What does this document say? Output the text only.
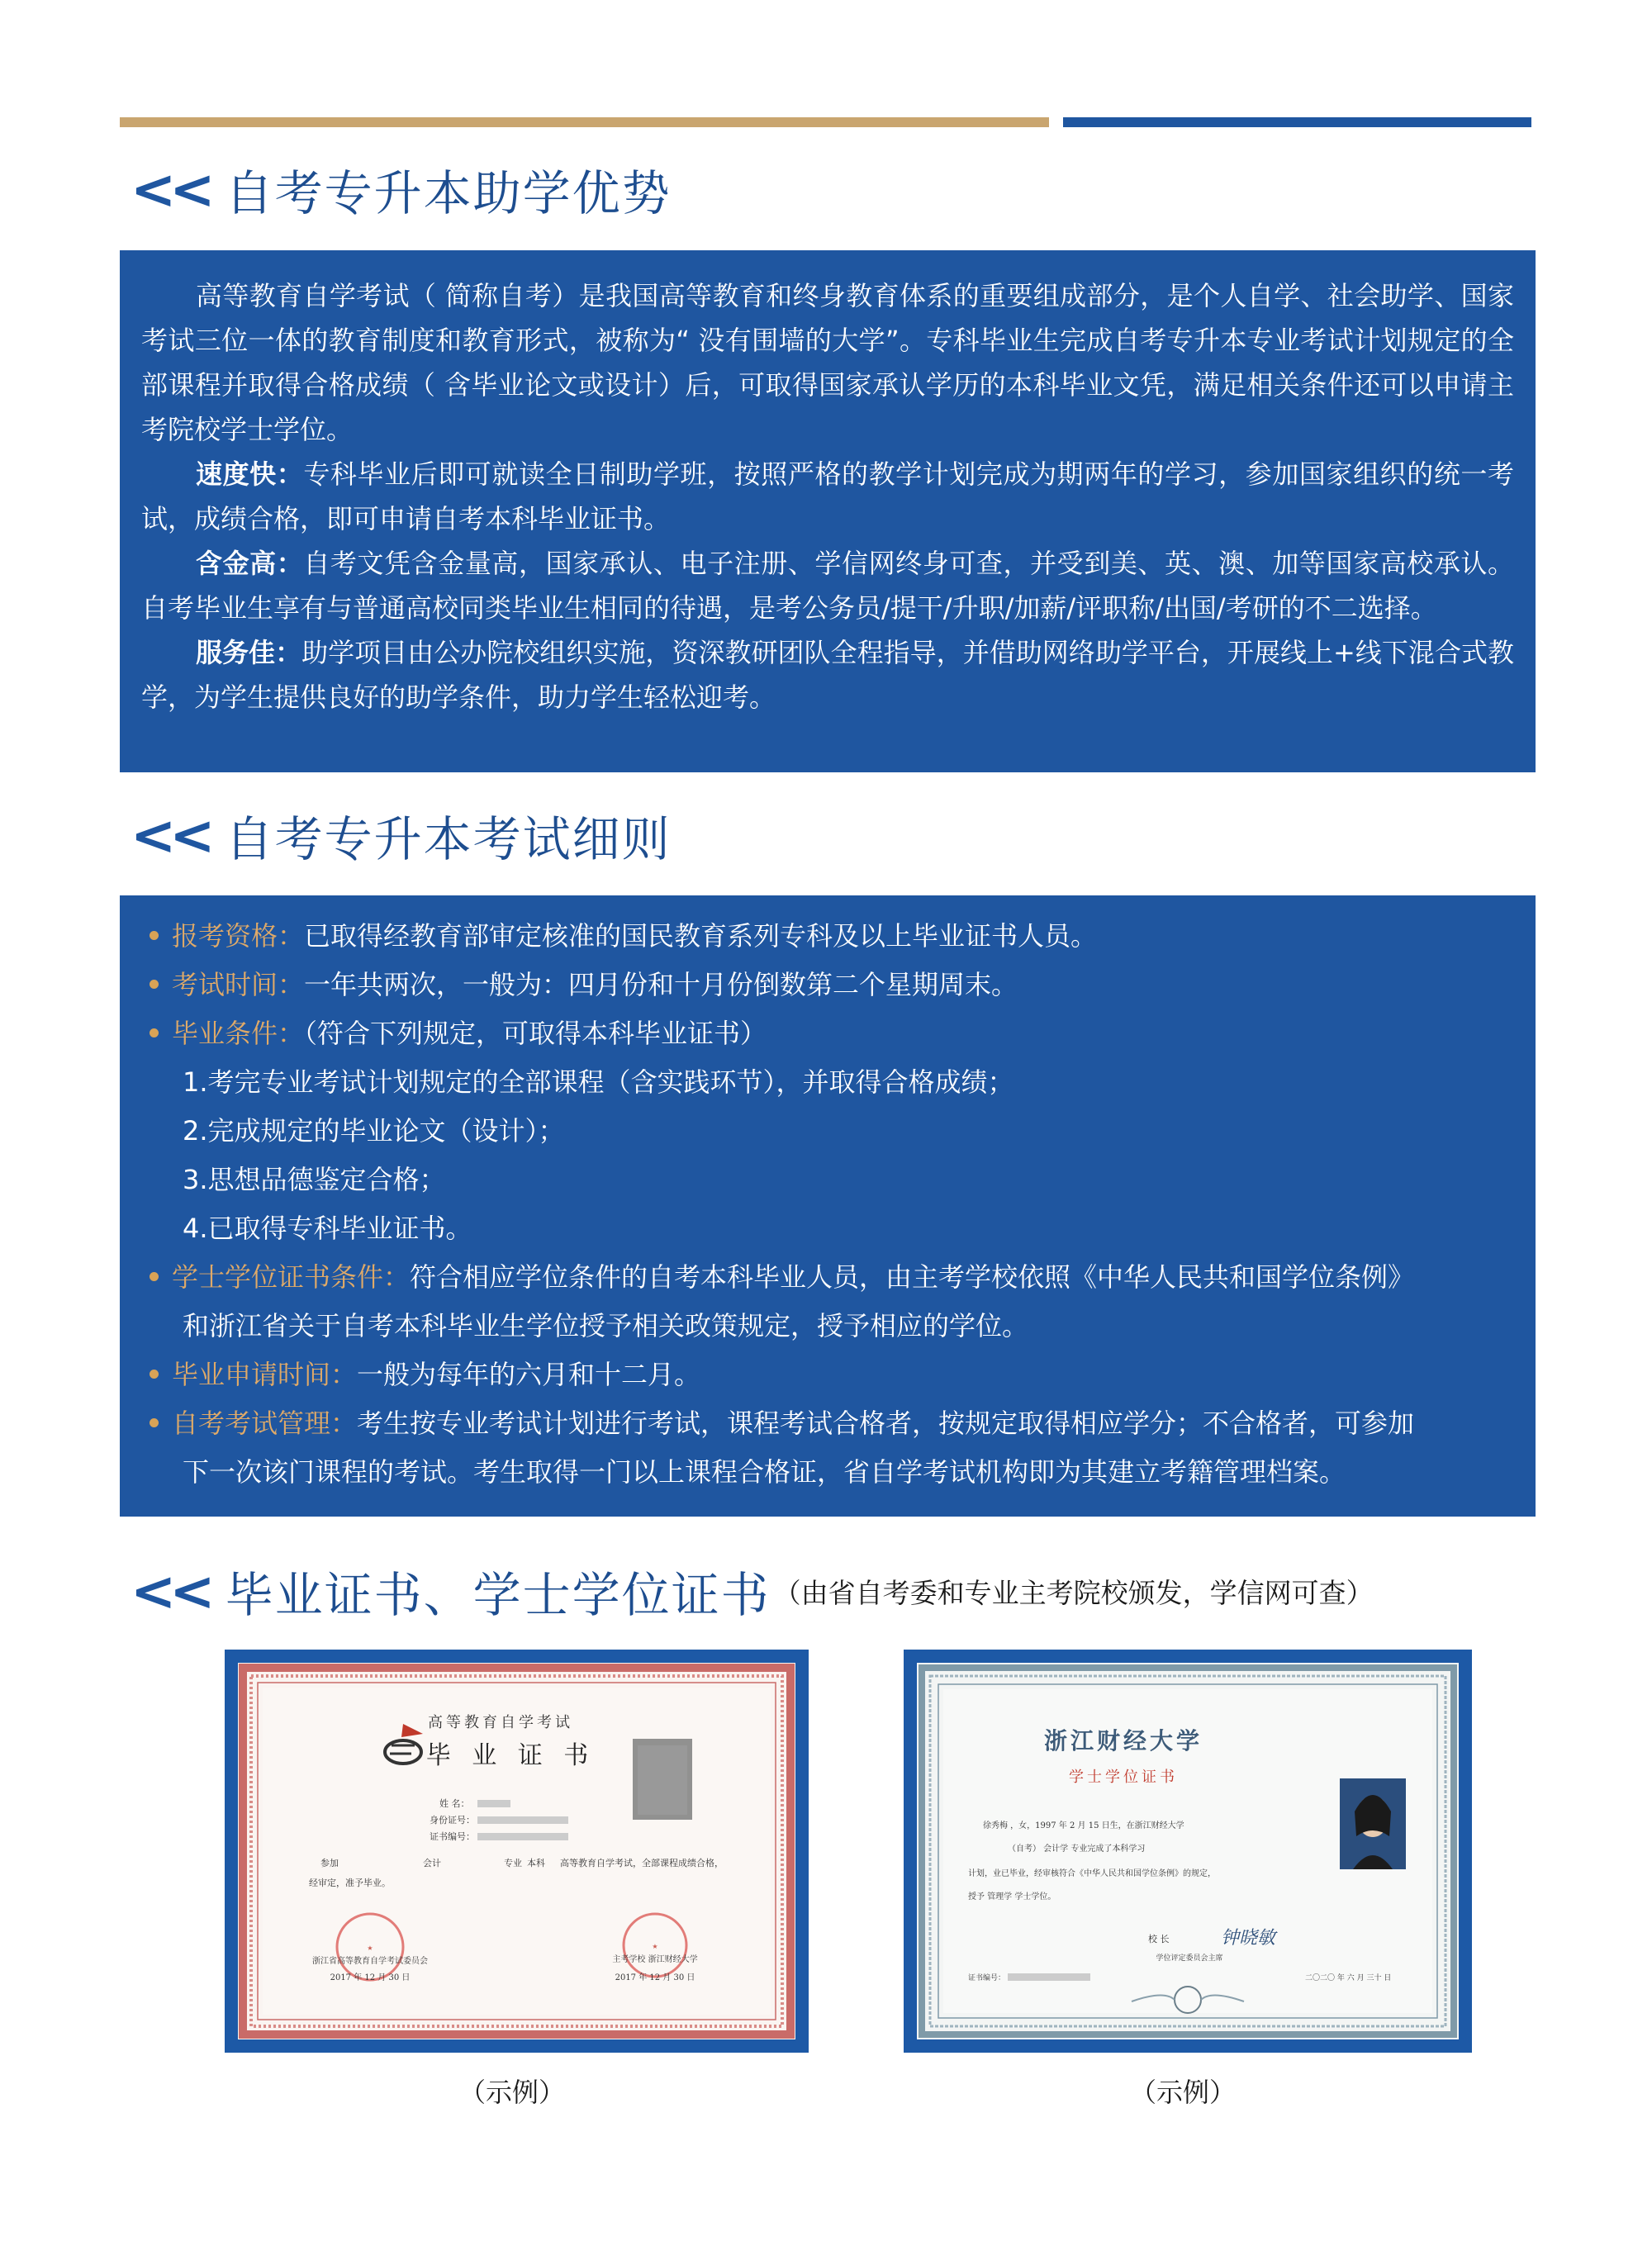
<< 自考专升本助学优势

高等教育自学考试（ 简称自考）是我国高等教育和终身教育体系的重要组成部分，是个人自学、社会助学、国家考试三位一体的教育制度和教育形式，被称为“ 没有围墙的大学”。专科毕业生完成自考专升本专业考试计划规定的全部课程并取得合格成绩（ 含毕业论文或设计）后，可取得国家承认学历的本科毕业文凭，满足相关条件还可以申请主考院校学士学位。

速度快：专科毕业后即可就读全日制助学班，按照严格的教学计划完成为期两年的学习，参加国家组织的统一考试，成绩合格，即可申请自考本科毕业证书。

含金高：自考文凭含金量高，国家承认、电子注册、学信网终身可查，并受到美、英、澳、加等国家高校承认。自考毕业生享有与普通高校同类毕业生相同的待遇，是考公务员/提干/升职/加薪/评职称/出国/考研的不二选择。

服务佳：助学项目由公办院校组织实施，资深教研团队全程指导，并借助网络助学平台，开展线上+线下混合式教学，为学生提供良好的助学条件，助力学生轻松迎考。

<< 自考专升本考试细则
报考资格：已取得经教育部审定核准的国民教育系列专科及以上毕业证书人员。
考试时间：一年共两次，一般为：四月份和十月份倒数第二个星期周末。
毕业条件：（符合下列规定，可取得本科毕业证书）
1.考完专业考试计划规定的全部课程（含实践环节），并取得合格成绩；
2.完成规定的毕业论文（设计）；
3.思想品德鉴定合格；
4.已取得专科毕业证书。
学士学位证书条件：符合相应学位条件的自考本科毕业人员，由主考学校依照《中华人民共和国学位条例》
和浙江省关于自考本科毕业生学位授予相关政策规定，授予相应的学位。
毕业申请时间：一般为每年的六月和十二月。
自考考试管理：考生按专业考试计划进行考试，课程考试合格者，按规定取得相应学分；不合格者，可参加
下一次该门课程的考试。考生取得一门以上课程合格证，省自学考试机构即为其建立考籍管理档案。
<< 毕业证书、学士学位证书 （由省自考委和专业主考院校颁发，学信网可查）
高等教育自学考试
毕 业 证 书
姓 名：
身份证号：
证书编号：
参加	会计	专业 本科 高等教育自学考试，全部课程成绩合格，
经审定，准予毕业。
★	★
浙江省高等教育自学考试委员会	主考学校 浙江财经大学
2017 年 12 月 30 日	2017 年 12 月 30 日
浙江财经大学
学士学位证书
徐秀梅 ，女，1997 年 2 月 15 日生，在浙江财经大学
（自考） 会计学 专业完成了本科学习
计划，业已毕业，经审核符合《中华人民共和国学位条例》的规定，
授予 管理学 学士学位。
校 长	钟晓敏
学位评定委员会主席
证书编号：	二〇二〇 年 六 月 三十 日
（示例）	（示例）
